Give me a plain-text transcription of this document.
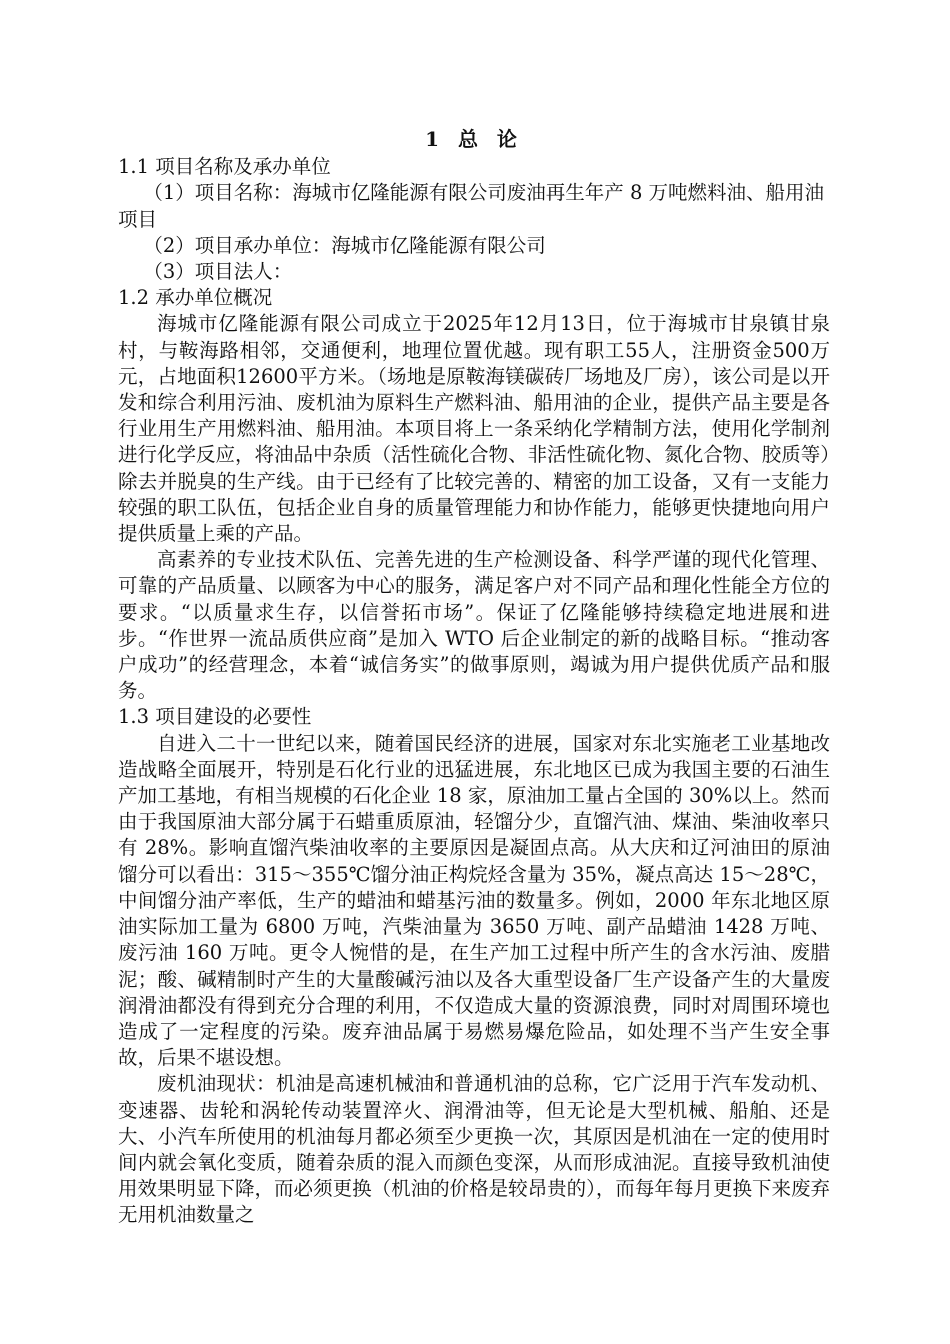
1 总 论

1.1 项目名称及承办单位

（1）项目名称：海城市亿隆能源有限公司废油再生年产 8 万吨燃料油、船用油项目

（2）项目承办单位：海城市亿隆能源有限公司

（3）项目法人：

1.2 承办单位概况

海城市亿隆能源有限公司成立于2025年12月13日，位于海城市甘泉镇甘泉村，与鞍海路相邻，交通便利，地理位置优越。现有职工55人，注册资金500万元，占地面积12600平方米。（场地是原鞍海镁碳砖厂场地及厂房），该公司是以开发和综合利用污油、废机油为原料生产燃料油、船用油的企业，提供产品主要是各行业用生产用燃料油、船用油。本项目将上一条采纳化学精制方法，使用化学制剂进行化学反应，将油品中杂质（活性硫化合物、非活性硫化物、氮化合物、胶质等）除去并脱臭的生产线。由于已经有了比较完善的、精密的加工设备，又有一支能力较强的职工队伍，包括企业自身的质量管理能力和协作能力，能够更快捷地向用户提供质量上乘的产品。

高素养的专业技术队伍、完善先进的生产检测设备、科学严谨的现代化管理、可靠的产品质量、以顾客为中心的服务，满足客户对不同产品和理化性能全方位的要求。“以质量求生存，以信誉拓市场”。保证了亿隆能够持续稳定地进展和进步。“作世界一流品质供应商”是加入 WTO 后企业制定的新的战略目标。“推动客户成功”的经营理念，本着“诚信务实”的做事原则，竭诚为用户提供优质产品和服务。

1.3 项目建设的必要性

自进入二十一世纪以来，随着国民经济的进展，国家对东北实施老工业基地改造战略全面展开，特别是石化行业的迅猛进展，东北地区已成为我国主要的石油生产加工基地，有相当规模的石化企业 18 家，原油加工量占全国的 30%以上。然而由于我国原油大部分属于石蜡重质原油，轻馏分少，直馏汽油、煤油、柴油收率只有 28%。影响直馏汽柴油收率的主要原因是凝固点高。从大庆和辽河油田的原油馏分可以看出：315～355℃馏分油正构烷烃含量为 35%，凝点高达 15～28℃，中间馏分油产率低，生产的蜡油和蜡基污油的数量多。例如，2000 年东北地区原油实际加工量为 6800 万吨，汽柴油量为 3650 万吨、副产品蜡油 1428 万吨、废污油 160 万吨。更令人惋惜的是，在生产加工过程中所产生的含水污油、废腊泥；酸、碱精制时产生的大量酸碱污油以及各大重型设备厂生产设备产生的大量废润滑油都没有得到充分合理的利用，不仅造成大量的资源浪费，同时对周围环境也造成了一定程度的污染。废弃油品属于易燃易爆危险品，如处理不当产生安全事故，后果不堪设想。

废机油现状：机油是高速机械油和普通机油的总称，它广泛用于汽车发动机、变速器、齿轮和涡轮传动装置淬火、润滑油等，但无论是大型机械、船舶、还是大、小汽车所使用的机油每月都必须至少更换一次，其原因是机油在一定的使用时间内就会氧化变质，随着杂质的混入而颜色变深，从而形成油泥。直接导致机油使用效果明显下降，而必须更换（机油的价格是较昂贵的），而每年每月更换下来废弃无用机油数量之
